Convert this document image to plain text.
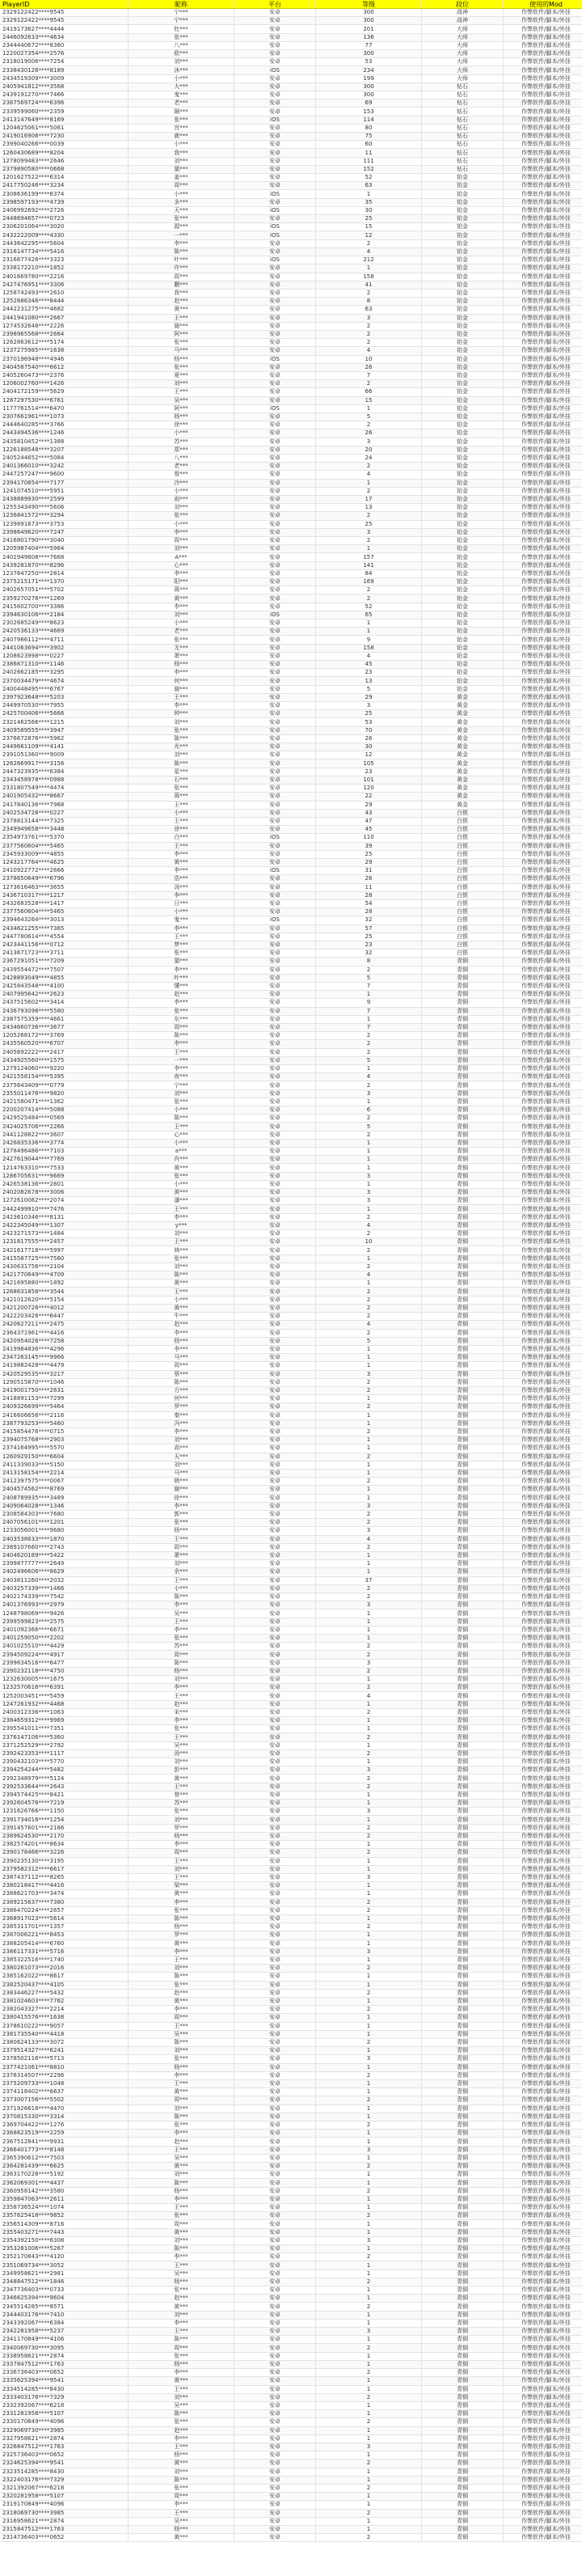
PlayerID	昵称	平台	等级	段位	使用的Mod
2329122422****9545	宁***	安卓	300	战神	作弊软件/脚本/外挂
2329122422****9545	宁***	安卓	300	战神	作弊软件/脚本/外挂
2419173627****4444	杜***	安卓	201	大师	作弊软件/脚本/外挂
2446092633****4634	张***	安卓	136	大师	作弊软件/脚本/外挂
2344440672****8360	八***	安卓	77	大师	作弊软件/脚本/外挂
1220027354****2576	欧***	安卓	300	大师	作弊软件/脚本/外挂
2318019006****7254	刘***	安卓	53	大师	作弊软件/脚本/外挂
2338430126****8189	沐***	iOS	234	大师	作弊软件/脚本/外挂
2434519309****3009	小***	安卓	199	大师	作弊软件/脚本/外挂
2405941812****3568	大***	安卓	300	钻石	作弊软件/脚本/外挂
2439191270****7466	鬼***	安卓	300	钻石	作弊软件/脚本/外挂
2387569724****6396	老***	安卓	69	钻石	作弊软件/脚本/外挂
2339599060****2359	隔***	安卓	153	钻石	作弊软件/脚本/外挂
2413147649****8169	张***	iOS	114	钻石	作弊软件/脚本/外挂
1204625061****5061	宫***	安卓	80	钻石	作弊软件/脚本/外挂
2419016906****7230	鹿***	安卓	75	钻石	作弊软件/脚本/外挂
2399040266****0039	小***	安卓	60	钻石	作弊软件/脚本/外挂
1260430689****8204	我***	安卓	11	钻石	作弊软件/脚本/外挂
1278099483****2646	刘***	安卓	111	钻石	作弊软件/脚本/外挂
2379890580****0668	猫***	安卓	152	钻石	作弊软件/脚本/外挂
1201627522****6314	姜***	安卓	52	铂金	作弊软件/脚本/外挂
2417750246****3234	周***	安卓	63	铂金	作弊软件/脚本/外挂
2308636199****6374	小***	iOS	1	铂金	作弊软件/脚本/外挂
2398597193****4739	多***	安卓	35	铂金	作弊软件/脚本/外挂
2406992692****2726	天***	iOS	30	铂金	作弊软件/脚本/外挂
2448694657****0723	张***	安卓	25	铂金	作弊软件/脚本/外挂
2306201064****3020	源***	iOS	15	铂金	作弊软件/脚本/外挂
2432222009****4330	一***	iOS	12	铂金	作弊软件/脚本/外挂
2443642295****5604	李***	安卓	2	铂金	作弊软件/脚本/外挂
2316147734****5416	陈***	安卓	4	铂金	作弊软件/脚本/外挂
2316677426****3323	叶***	iOS	212	铂金	作弊软件/脚本/外挂
2338172210****1852	许***	安卓	1	铂金	作弊软件/脚本/外挂
2401669780****2216	周***	安卓	158	铂金	作弊软件/脚本/外挂
2427476951****3306	鹏***	安卓	41	铂金	作弊软件/脚本/外挂
1258742493****2610	我***	安卓	2	铂金	作弊软件/脚本/外挂
1252686346****8444	赵***	安卓	8	铂金	作弊软件/脚本/外挂
2442231275****4682	黄***	安卓	63	铂金	作弊软件/脚本/外挂
2441941080****2667	王***	安卓	3	铂金	作弊软件/脚本/外挂
1274532648****2226	谢***	安卓	2	铂金	作弊软件/脚本/外挂
2398965568****2664	阿***	安卓	2	铂金	作弊软件/脚本/外挂
1262863612****5174	张***	安卓	2	铂金	作弊软件/脚本/外挂
1237275985****1638	马***	安卓	4	铂金	作弊软件/脚本/外挂
2370196948****4946	杨***	iOS	10	铂金	作弊软件/脚本/外挂
2404587540****6612	张***	安卓	26	铂金	作弊软件/脚本/外挂
2405260473****2376	夏***	安卓	7	铂金	作弊软件/脚本/外挂
1206002760****1426	刘***	安卓	2	铂金	作弊软件/脚本/外挂
2404172159****5629	王***	安卓	66	铂金	作弊软件/脚本/外挂
1287297530****6761	吴***	安卓	15	铂金	作弊软件/脚本/外挂
1177761514****6470	阿***	iOS	1	铂金	作弊软件/脚本/外挂
2307661961****1073	杨***	安卓	5	铂金	作弊软件/脚本/外挂
2444640285****3766	徐***	安卓	2	铂金	作弊软件/脚本/外挂
2443494536****1246	小***	安卓	26	铂金	作弊软件/脚本/外挂
2435810452****1388	苏***	安卓	3	铂金	作弊软件/脚本/外挂
1226188548****3207	郑***	安卓	20	铂金	作弊软件/脚本/外挂
2405244652****5084	八***	安卓	24	铂金	作弊软件/脚本/外挂
2401366010****3242	老***	安卓	2	铂金	作弊软件/脚本/外挂
2447257247****9600	曾***	安卓	4	铂金	作弊软件/脚本/外挂
2394170854****7177	冷***	安卓	1	铂金	作弊软件/脚本/外挂
1241074510****5951	小***	安卓	2	铂金	作弊软件/脚本/外挂
2438889930****2599	雨***	安卓	17	铂金	作弊软件/脚本/外挂
1255343490****5606	刘***	安卓	13	铂金	作弊软件/脚本/外挂
1236841572****3294	张***	安卓	2	铂金	作弊软件/脚本/外挂
1239891673****3753	小***	安卓	25	铂金	作弊软件/脚本/外挂
2398649620****7247	李***	安卓	3	铂金	作弊软件/脚本/外挂
2416801790****3040	周***	安卓	2	铂金	作弊软件/脚本/外挂
1205987404****5964	刘***	安卓	1	铂金	作弊软件/脚本/外挂
2401949808****7668	A***	安卓	157	铂金	作弊软件/脚本/外挂
2439281870****8296	心***	安卓	141	铂金	作弊软件/脚本/外挂
1237647250****2814	李***	安卓	84	铂金	作弊软件/脚本/外挂
2375215171****1370	阳***	安卓	169	铂金	作弊软件/脚本/外挂
2402657051****5702	蒋***	安卓	2	铂金	作弊软件/脚本/外挂
2359270276****1269	黄***	安卓	2	铂金	作弊软件/脚本/外挂
2415602700****3386	李***	安卓	52	铂金	作弊软件/脚本/外挂
2394630106****2184	刘***	iOS	65	铂金	作弊软件/脚本/外挂
2302685249****8623	小***	安卓	1	铂金	作弊软件/脚本/外挂
2420536133****4669	老***	安卓	1	铂金	作弊软件/脚本/外挂
2407986112****4711	张***	安卓	9	铂金	作弊软件/脚本/外挂
2441063694****3902	无***	安卓	158	铂金	作弊软件/脚本/外挂
1208623998****0227	萧***	安卓	4	铂金	作弊软件/脚本/外挂
2386671310****1146	杨***	安卓	45	铂金	作弊软件/脚本/外挂
2402662185****3295	李***	安卓	23	铂金	作弊软件/脚本/外挂
2370034479****4674	何***	安卓	13	铂金	作弊软件/脚本/外挂
2400448495****6767	谢***	安卓	5	铂金	作弊软件/脚本/外挂
2397923648****5203	王***	安卓	29	黄金	作弊软件/脚本/外挂
2449970530****7955	李***	安卓	3	黄金	作弊软件/脚本/外挂
2425700406****5666	钟***	安卓	25	黄金	作弊软件/脚本/外挂
2321462566****1215	刘***	安卓	53	黄金	作弊软件/脚本/外挂
2409589555****3947	张***	安卓	70	黄金	作弊软件/脚本/外挂
2376672876****5962	陈***	安卓	26	黄金	作弊软件/脚本/外挂
2449661109****4141	光***	安卓	30	黄金	作弊软件/脚本/外挂
2391051360****9009	刘***	安卓	12	黄金	作弊软件/脚本/外挂
1262669917****3156	陈***	安卓	105	黄金	作弊软件/脚本/外挂
2447323935****6384	星***	安卓	23	黄金	作弊软件/脚本/外挂
2343458978****0988	石***	安卓	101	黄金	作弊软件/脚本/外挂
2331807549****4474	张***	安卓	120	黄金	作弊软件/脚本/外挂
2401905432****8667	蒋***	安卓	22	黄金	作弊软件/脚本/外挂
2417840136****7968	王***	安卓	29	黄金	作弊软件/脚本/外挂
2402534726****0227	小***	安卓	43	白银	作弊软件/脚本/外挂
2378813144****7325	王***	安卓	47	白银	作弊软件/脚本/外挂
2349949658****3448	徐***	安卓	45	白银	作弊软件/脚本/外挂
2354973761****5370	白***	iOS	110	白银	作弊软件/脚本/外挂
2377560604****5465	王***	安卓	39	白银	作弊软件/脚本/外挂
2345933009****4855	李***	安卓	25	白银	作弊软件/脚本/外挂
1243217764****4625	黄***	安卓	29	白银	作弊软件/脚本/外挂
2410922772****2666	李***	iOS	31	白银	作弊软件/脚本/外挂
2378650649****6796	浩***	安卓	26	白银	作弊软件/脚本/外挂
1273616463****3655	汤***	安卓	11	白银	作弊软件/脚本/外挂
2436710317****1217	李***	安卓	28	白银	作弊软件/脚本/外挂
2432683528****1417	日***	安卓	54	白银	作弊软件/脚本/外挂
2377560604****5465	小***	安卓	28	白银	作弊软件/脚本/外挂
2394643264****3013	鬼***	iOS	32	白银	作弊软件/脚本/外挂
2434621255****7365	李***	安卓	57	白银	作弊软件/脚本/外挂
2447780614****4554	王***	安卓	25	白银	作弊软件/脚本/外挂
2423441156****0712	梦***	安卓	23	白银	作弊软件/脚本/外挂
2413671723****3711	张***	安卓	32	白银	作弊软件/脚本/外挂
2367291051****7209	猫***	安卓	8	青铜	作弊软件/脚本/外挂
2439554472****7507	李***	安卓	2	青铜	作弊软件/脚本/外挂
2428893049****4855	叶***	安卓	5	青铜	作弊软件/脚本/外挂
2425843548****4100	懂***	安卓	7	青铜	作弊软件/脚本/外挂
2407995642****2623	赵***	安卓	1	青铜	作弊软件/脚本/外挂
2437515602****3414	李***	安卓	9	青铜	作弊软件/脚本/外挂
2436793098****5580	张***	安卓	7	青铜	作弊软件/脚本/外挂
2387575359****4661	东***	安卓	1	青铜	作弊软件/脚本/外挂
2434660736****3677	周***	安卓	7	青铜	作弊软件/脚本/外挂
1205268172****3769	陈***	安卓	2	青铜	作弊软件/脚本/外挂
2435560520****6707	李***	安卓	2	青铜	作弊软件/脚本/外挂
2405692222****2417	王***	安卓	2	青铜	作弊软件/脚本/外挂
2434925560****1575	一***	安卓	5	青铜	作弊软件/脚本/外挂
1279124060****9220	李***	安卓	1	青铜	作弊软件/脚本/外挂
2421558154****5395	夜***	安卓	4	青铜	作弊软件/脚本/外挂
2375643409****0779	宁***	安卓	2	青铜	作弊软件/脚本/外挂
2355011476****9820	刘***	安卓	3	青铜	作弊软件/脚本/外挂
2421580471****1362	张***	安卓	1	青铜	作弊软件/脚本/外挂
2200207414****5088	小***	安卓	6	青铜	作弊软件/脚本/外挂
2429525484****0569	陈***	安卓	2	青铜	作弊软件/脚本/外挂
2424025706****2266	王***	安卓	5	青铜	作弊软件/脚本/外挂
2441128822****3607	心***	安卓	2	青铜	作弊软件/脚本/外挂
2426835336****3774	小***	安卓	1	青铜	作弊软件/脚本/外挂
1278496486****7103	a***	安卓	1	青铜	作弊软件/脚本/外挂
2427619044****7769	肖***	安卓	1	青铜	作弊软件/脚本/外挂
1214763310****7533	黄***	安卓	1	青铜	作弊软件/脚本/外挂
1286705631****9669	张***	安卓	3	青铜	作弊软件/脚本/外挂
2426538136****2801	小***	安卓	1	青铜	作弊软件/脚本/外挂
2402082678****3006	黄***	安卓	3	青铜	作弊软件/脚本/外挂
1272610062****2074	潘***	安卓	3	青铜	作弊软件/脚本/外挂
2442499910****7476	王***	安卓	1	青铜	作弊软件/脚本/外挂
2423610346****8131	李***	安卓	2	青铜	作弊软件/脚本/外挂
2422345049****1307	y***	安卓	4	青铜	作弊软件/脚本/外挂
2423271573****1484	刘***	安卓	2	青铜	作弊软件/脚本/外挂
1231817555****2457	王***	安卓	10	青铜	作弊软件/脚本/外挂
2421617718****5997	林***	安卓	2	青铜	作弊软件/脚本/外挂
2415587725****7560	张***	安卓	1	青铜	作弊软件/脚本/外挂
2430631756****2104	刘***	安卓	2	青铜	作弊软件/脚本/外挂
2421770649****4709	陈***	安卓	4	青铜	作弊软件/脚本/外挂
2421695880****1892	黄***	安卓	1	青铜	作弊软件/脚本/外挂
1268631858****3544	王***	安卓	2	青铜	作弊软件/脚本/外挂
2421012620****5154	小***	安卓	2	青铜	作弊软件/脚本/外挂
2421200726****4012	黄***	安卓	2	青铜	作弊软件/脚本/外挂
2422203426****6447	牛***	安卓	2	青铜	作弊软件/脚本/外挂
2420627211****2475	赵***	安卓	4	青铜	作弊软件/脚本/外挂
2364371961****4416	李***	安卓	2	青铜	作弊软件/脚本/外挂
2420954026****7258	杨***	安卓	5	青铜	作弊软件/脚本/外挂
2419984836****4296	李***	安卓	1	青铜	作弊软件/脚本/外挂
2347263145****9966	马***	安卓	1	青铜	作弊软件/脚本/外挂
2419882428****4479	周***	安卓	1	青铜	作弊软件/脚本/外挂
2420529535****3217	蔡***	安卓	3	青铜	作弊软件/脚本/外挂
1290515870****1046	陈***	安卓	2	青铜	作弊软件/脚本/外挂
2419001750****2631	方***	安卓	2	青铜	作弊软件/脚本/外挂
2418891153****7299	何***	安卓	1	青铜	作弊软件/脚本/外挂
2409326699****5464	罗***	安卓	2	青铜	作弊软件/脚本/外挂
2416606656****2116	秦***	安卓	1	青铜	作弊软件/脚本/外挂
2387793253****5460	冯***	安卓	1	青铜	作弊软件/脚本/外挂
2415854476****0715	李***	安卓	2	青铜	作弊软件/脚本/外挂
2394075768****2903	刘***	安卓	1	青铜	作弊软件/脚本/外挂
2374164995****5570	高***	安卓	1	青铜	作弊软件/脚本/外挂
1260929150****6604	天***	安卓	2	青铜	作弊软件/脚本/外挂
2411339033****5150	刘***	安卓	1	青铜	作弊软件/脚本/外挂
2413158154****2214	马***	安卓	1	青铜	作弊软件/脚本/外挂
2412397575****0067	韩***	安卓	2	青铜	作弊软件/脚本/外挂
2404574562****8769	谢***	安卓	1	青铜	作弊软件/脚本/外挂
2408789935****3489	徐***	安卓	1	青铜	作弊软件/脚本/外挂
2409064028****1346	李***	安卓	3	青铜	作弊软件/脚本/外挂
2308584303****7680	郭***	安卓	2	青铜	作弊软件/脚本/外挂
2407056101****1201	张***	安卓	2	青铜	作弊软件/脚本/外挂
1233056001****9680	杨***	安卓	3	青铜	作弊软件/脚本/外挂
2403538633****1870	王***	安卓	4	青铜	作弊软件/脚本/外挂
2389107660****2743	周***	安卓	2	青铜	作弊软件/脚本/外挂
2404620189****5422	萧***	安卓	1	青铜	作弊软件/脚本/外挂
2399877777****2649	刘***	安卓	1	青铜	作弊软件/脚本/外挂
2402496606****8629	余***	安卓	1	青铜	作弊软件/脚本/外挂
2403811260****2032	王***	安卓	37	青铜	作弊软件/脚本/外挂
2403257339****1466	小***	安卓	2	青铜	作弊软件/脚本/外挂
2402174339****7542	陈***	安卓	2	青铜	作弊软件/脚本/外挂
2401376993****2979	李***	安卓	3	青铜	作弊软件/脚本/外挂
1248798069****9426	吴***	安卓	1	青铜	作弊软件/脚本/外挂
2399599823****2575	王***	安卓	1	青铜	作弊软件/脚本/外挂
2401092366****6671	李***	安卓	1	青铜	作弊软件/脚本/外挂
2401259050****2202	张***	安卓	1	青铜	作弊软件/脚本/外挂
2401025510****4429	苏***	安卓	2	青铜	作弊软件/脚本/外挂
2394509224****4917	周***	安卓	2	青铜	作弊软件/脚本/外挂
2399634516****6477	陈***	安卓	3	青铜	作弊软件/脚本/外挂
2390232118****4750	杨***	安卓	2	青铜	作弊软件/脚本/外挂
1232630005****1675	刘***	安卓	1	青铜	作弊软件/脚本/外挂
1232570616****6391	李***	安卓	2	青铜	作弊软件/脚本/外挂
1252003451****5459	王***	安卓	4	青铜	作弊软件/脚本/外挂
1247261932****4468	赵***	安卓	1	青铜	作弊软件/脚本/外挂
2400312336****1063	宋***	安卓	2	青铜	作弊软件/脚本/外挂
2384659312****9969	李***	安卓	1	青铜	作弊软件/脚本/外挂
2395541011****7351	张***	安卓	1	青铜	作弊软件/脚本/外挂
2376147106****5360	王***	安卓	2	青铜	作弊软件/脚本/外挂
2371252529****2792	吴***	安卓	1	青铜	作弊软件/脚本/外挂
2392423353****1117	汤***	安卓	2	青铜	作弊软件/脚本/外挂
2390432103****5770	刘***	安卓	1	青铜	作弊软件/脚本/外挂
2394254244****5482	彭***	安卓	3	青铜	作弊软件/脚本/外挂
2392348979****5124	黄***	安卓	2	青铜	作弊软件/脚本/外挂
2392533644****2643	王***	安卓	2	青铜	作弊软件/脚本/外挂
2394574425****8421	曾***	安卓	1	青铜	作弊软件/脚本/外挂
2392604576****7219	苏***	安卓	1	青铜	作弊软件/脚本/外挂
1231626766****1150	张***	安卓	3	青铜	作弊软件/脚本/外挂
2391734016****1254	刘***	安卓	1	青铜	作弊软件/脚本/外挂
2391457601****2186	罗***	安卓	2	青铜	作弊软件/脚本/外挂
2389624530****2170	杨***	安卓	2	青铜	作弊软件/脚本/外挂
2382574201****8634	李***	安卓	1	青铜	作弊软件/脚本/外挂
2390178466****3226	周***	安卓	2	青铜	作弊软件/脚本/外挂
2390235130****3195	王***	安卓	1	青铜	作弊软件/脚本/外挂
2379582312****6617	刘***	安卓	1	青铜	作弊软件/脚本/外挂
2387437112****8265	王***	安卓	3	青铜	作弊软件/脚本/外挂
2380218417****4416	梁***	安卓	1	青铜	作弊软件/脚本/外挂
2388621703****3474	黄***	安卓	1	青铜	作弊软件/脚本/外挂
2389215637****7380	李***	安卓	2	青铜	作弊软件/脚本/外挂
2386470224****2657	张***	安卓	2	青铜	作弊软件/脚本/外挂
2368917023****5614	陈***	安卓	1	青铜	作弊软件/脚本/外挂
2385311701****1357	杨***	安卓	2	青铜	作弊软件/脚本/外挂
2387006221****8453	罗***	安卓	1	青铜	作弊软件/脚本/外挂
2388205414****6760	黄***	安卓	1	青铜	作弊软件/脚本/外挂
2386117331****5716	李***	安卓	3	青铜	作弊软件/脚本/外挂
2385322516****1740	王***	安卓	1	青铜	作弊软件/脚本/外挂
2380261073****2016	刘***	安卓	2	青铜	作弊软件/脚本/外挂
2385162022****8617	陈***	安卓	1	青铜	作弊软件/脚本/外挂
2382520437****4105	张***	安卓	1	青铜	作弊软件/脚本/外挂
2383446227****5432	赵***	安卓	2	青铜	作弊软件/脚本/外挂
2381024603****7762	黄***	安卓	1	青铜	作弊软件/脚本/外挂
2382043327****2214	李***	安卓	2	青铜	作弊软件/脚本/外挂
2380415576****1638	周***	安卓	1	青铜	作弊软件/脚本/外挂
2378610222****9057	王***	安卓	1	青铜	作弊软件/脚本/外挂
2381735540****4418	吴***	安卓	1	青铜	作弊软件/脚本/外挂
2380624133****3072	陈***	安卓	2	青铜	作弊软件/脚本/外挂
2379514327****6241	刘***	安卓	1	青铜	作弊软件/脚本/外挂
2378502116****5713	张***	安卓	3	青铜	作弊软件/脚本/外挂
2377421061****8810	杨***	安卓	1	青铜	作弊软件/脚本/外挂
2376314507****2296	李***	安卓	2	青铜	作弊软件/脚本/外挂
2375209733****1048	王***	安卓	1	青铜	作弊软件/脚本/外挂
2374118402****6637	黄***	安卓	1	青铜	作弊软件/脚本/外挂
2373007156****5502	周***	安卓	2	青铜	作弊软件/脚本/外挂
2371926618****4470	刘***	安卓	1	青铜	作弊软件/脚本/外挂
2370815330****3314	陈***	安卓	1	青铜	作弊软件/脚本/外挂
2369704422****1276	张***	安卓	2	青铜	作弊软件/脚本/外挂
2368623519****2259	李***	安卓	1	青铜	作弊软件/脚本/外挂
2367512841****9931	赵***	安卓	1	青铜	作弊软件/脚本/外挂
2366401773****8148	王***	安卓	3	青铜	作弊软件/脚本/外挂
2365390612****7503	吴***	安卓	1	青铜	作弊软件/脚本/外挂
2364281439****6625	黄***	安卓	2	青铜	作弊软件/脚本/外挂
2363170226****5192	刘***	安卓	1	青铜	作弊软件/脚本/外挂
2362069301****4437	陈***	安卓	1	青铜	作弊软件/脚本/外挂
2360958142****3580	杨***	安卓	2	青铜	作弊软件/脚本/外挂
2359847063****2611	李***	安卓	1	青铜	作弊软件/脚本/外挂
2358736524****1074	王***	安卓	1	青铜	作弊软件/脚本/外挂
2357625418****9852	张***	安卓	2	青铜	作弊软件/脚本/外挂
2356514309****8716	周***	安卓	1	青铜	作弊软件/脚本/外挂
2355403271****7443	黄***	安卓	1	青铜	作弊软件/脚本/外挂
2354392150****6308	刘***	安卓	3	青铜	作弊软件/脚本/外挂
2353281006****5267	陈***	安卓	1	青铜	作弊软件/脚本/外挂
2352170843****4120	李***	安卓	2	青铜	作弊软件/脚本/外挂
2351069734****3052	王***	安卓	1	青铜	作弊软件/脚本/外挂
2349958621****2981	吴***	安卓	1	青铜	作弊软件/脚本/外挂
2348847512****1846	杨***	安卓	2	青铜	作弊软件/脚本/外挂
2347736403****0733	张***	安卓	1	青铜	作弊软件/脚本/外挂
2346625394****9604	赵***	安卓	1	青铜	作弊软件/脚本/外挂
2345514285****8571	黄***	安卓	2	青铜	作弊软件/脚本/外挂
2344403176****7410	刘***	安卓	1	青铜	作弊软件/脚本/外挂
2343392067****6384	李***	安卓	1	青铜	作弊软件/脚本/外挂
2342281958****5237	王***	安卓	3	青铜	作弊软件/脚本/外挂
2341170849****4106	陈***	安卓	1	青铜	作弊软件/脚本/外挂
2340069730****3095	周***	安卓	2	青铜	作弊软件/脚本/外挂
2338958621****2874	张***	安卓	1	青铜	作弊软件/脚本/外挂
2337847512****1763	杨***	安卓	1	青铜	作弊软件/脚本/外挂
2336736403****0652	李***	安卓	2	青铜	作弊软件/脚本/外挂
2335625394****9541	黄***	安卓	1	青铜	作弊软件/脚本/外挂
2334514285****8430	王***	安卓	1	青铜	作弊软件/脚本/外挂
2333403176****7329	刘***	安卓	2	青铜	作弊软件/脚本/外挂
2332392067****6218	吴***	安卓	1	青铜	作弊软件/脚本/外挂
2331281958****5107	陈***	安卓	1	青铜	作弊软件/脚本/外挂
2330170849****4096	张***	安卓	2	青铜	作弊软件/脚本/外挂
2329069730****3985	赵***	安卓	1	青铜	作弊软件/脚本/外挂
2327958621****2874	李***	安卓	1	青铜	作弊软件/脚本/外挂
2326847512****1763	王***	安卓	3	青铜	作弊软件/脚本/外挂
2325736403****0652	杨***	安卓	1	青铜	作弊软件/脚本/外挂
2324625394****9541	黄***	安卓	2	青铜	作弊软件/脚本/外挂
2323514285****8430	刘***	安卓	1	青铜	作弊软件/脚本/外挂
2322403176****7329	陈***	安卓	1	青铜	作弊软件/脚本/外挂
2321392067****6218	张***	安卓	2	青铜	作弊软件/脚本/外挂
2320281958****5107	周***	安卓	1	青铜	作弊软件/脚本/外挂
2319170849****4096	李***	安卓	1	青铜	作弊软件/脚本/外挂
2318069730****3985	王***	安卓	2	青铜	作弊软件/脚本/外挂
2316958621****2874	吴***	安卓	1	青铜	作弊软件/脚本/外挂
2315847512****1763	杨***	安卓	1	青铜	作弊软件/脚本/外挂
2314736403****0652	黄***	安卓	2	青铜	作弊软件/脚本/外挂
